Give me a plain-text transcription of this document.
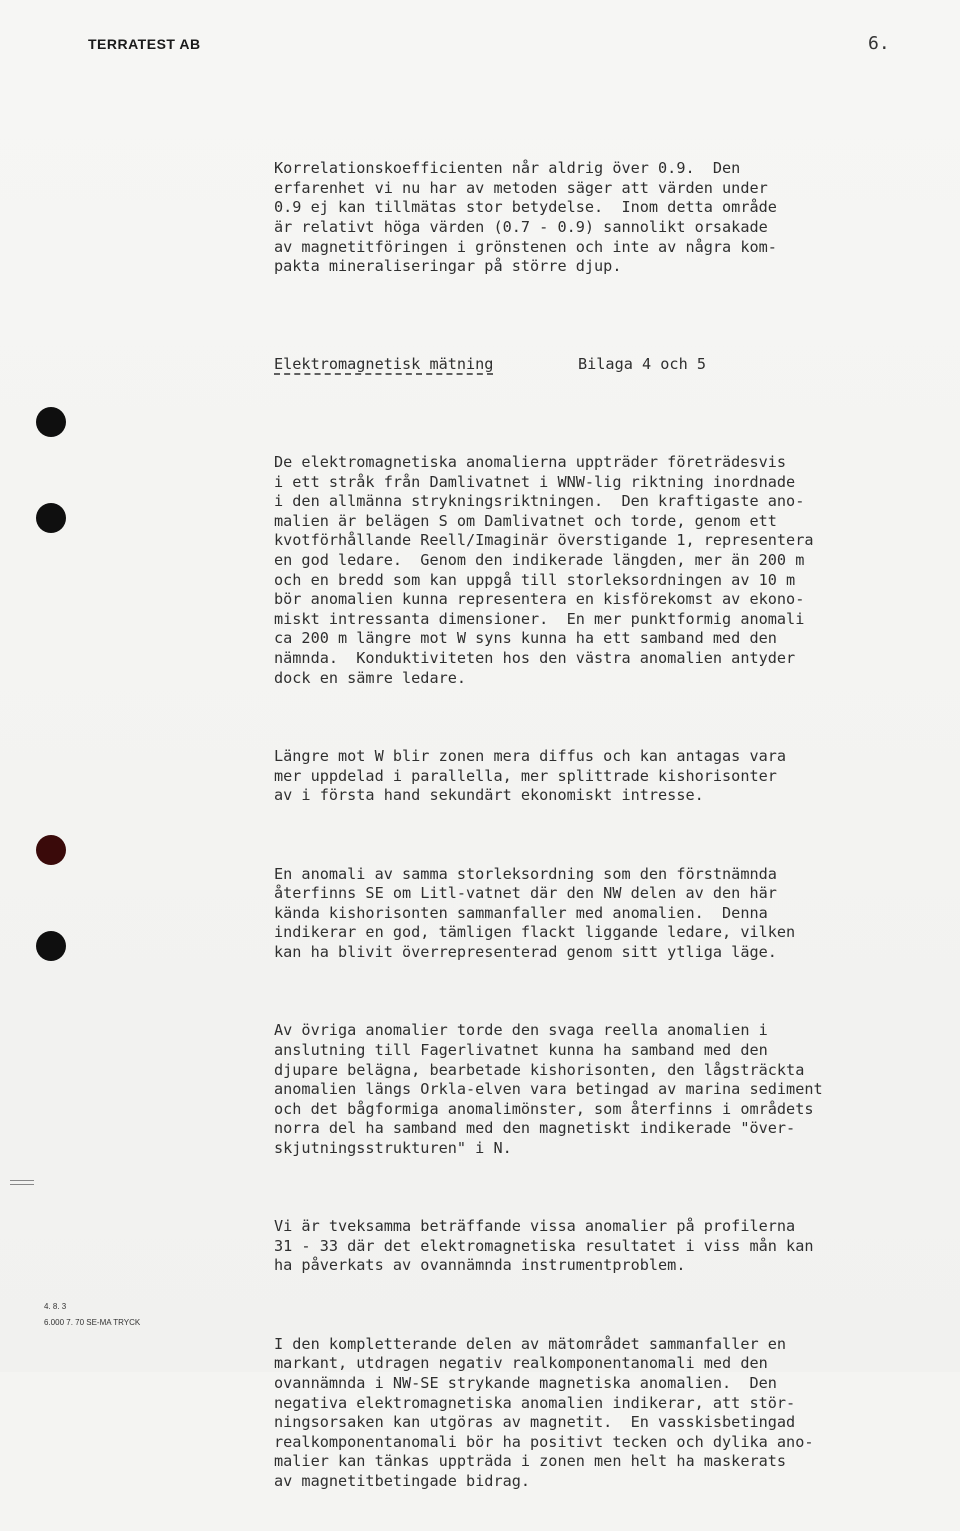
TERRATEST AB	6.

Korrelationskoefficienten når aldrig över 0.9.  Den
erfarenhet vi nu har av metoden säger att värden under
0.9 ej kan tillmätas stor betydelse.  Inom detta område
är relativt höga värden (0.7 - 0.9) sannolikt orsakade
av magnetitföringen i grönstenen och inte av några kom-
pakta mineraliseringar på större djup.

Elektromagnetisk mätning

	Bilaga 4 och 5

De elektromagnetiska anomalierna uppträder företrädesvis
i ett stråk från Damlivatnet i WNW-lig riktning inordnade
i den allmänna strykningsriktningen.  Den kraftigaste ano-
malien är belägen S om Damlivatnet och torde, genom ett
kvotförhållande Reell/Imaginär överstigande 1, representera
en god ledare.  Genom den indikerade längden, mer än 200 m
och en bredd som kan uppgå till storleksordningen av 10 m
bör anomalien kunna representera en kisförekomst av ekono-
miskt intressanta dimensioner.  En mer punktformig anomali
ca 200 m längre mot W syns kunna ha ett samband med den
nämnda.  Konduktiviteten hos den västra anomalien antyder
dock en sämre ledare.

Längre mot W blir zonen mera diffus och kan antagas vara
mer uppdelad i parallella, mer splittrade kishorisonter
av i första hand sekundärt ekonomiskt intresse.

En anomali av samma storleksordning som den förstnämnda
återfinns SE om Litl-vatnet där den NW delen av den här
kända kishorisonten sammanfaller med anomalien.  Denna
indikerar en god, tämligen flackt liggande ledare, vilken
kan ha blivit överrepresenterad genom sitt ytliga läge.

Av övriga anomalier torde den svaga reella anomalien i
anslutning till Fagerlivatnet kunna ha samband med den
djupare belägna, bearbetade kishorisonten, den lågsträckta
anomalien längs Orkla-elven vara betingad av marina sediment
och det bågformiga anomalimönster, som återfinns i områdets
norra del ha samband med den magnetiskt indikerade "över-
skjutningsstrukturen" i N.

Vi är tveksamma beträffande vissa anomalier på profilerna
31 - 33 där det elektromagnetiska resultatet i viss mån kan
ha påverkats av ovannämnda instrumentproblem.

I den kompletterande delen av mätområdet sammanfaller en
markant, utdragen negativ realkomponentanomali med den
ovannämnda i NW-SE strykande magnetiska anomalien.  Den
negativa elektromagnetiska anomalien indikerar, att stör-
ningsorsaken kan utgöras av magnetit.  En vasskisbetingad
realkomponentanomali bör ha positivt tecken och dylika ano-
malier kan tänkas uppträda i zonen men helt ha maskerats
av magnetitbetingade bidrag.

4. 8. 3
6.000 7. 70 SE-MA TRYCK
